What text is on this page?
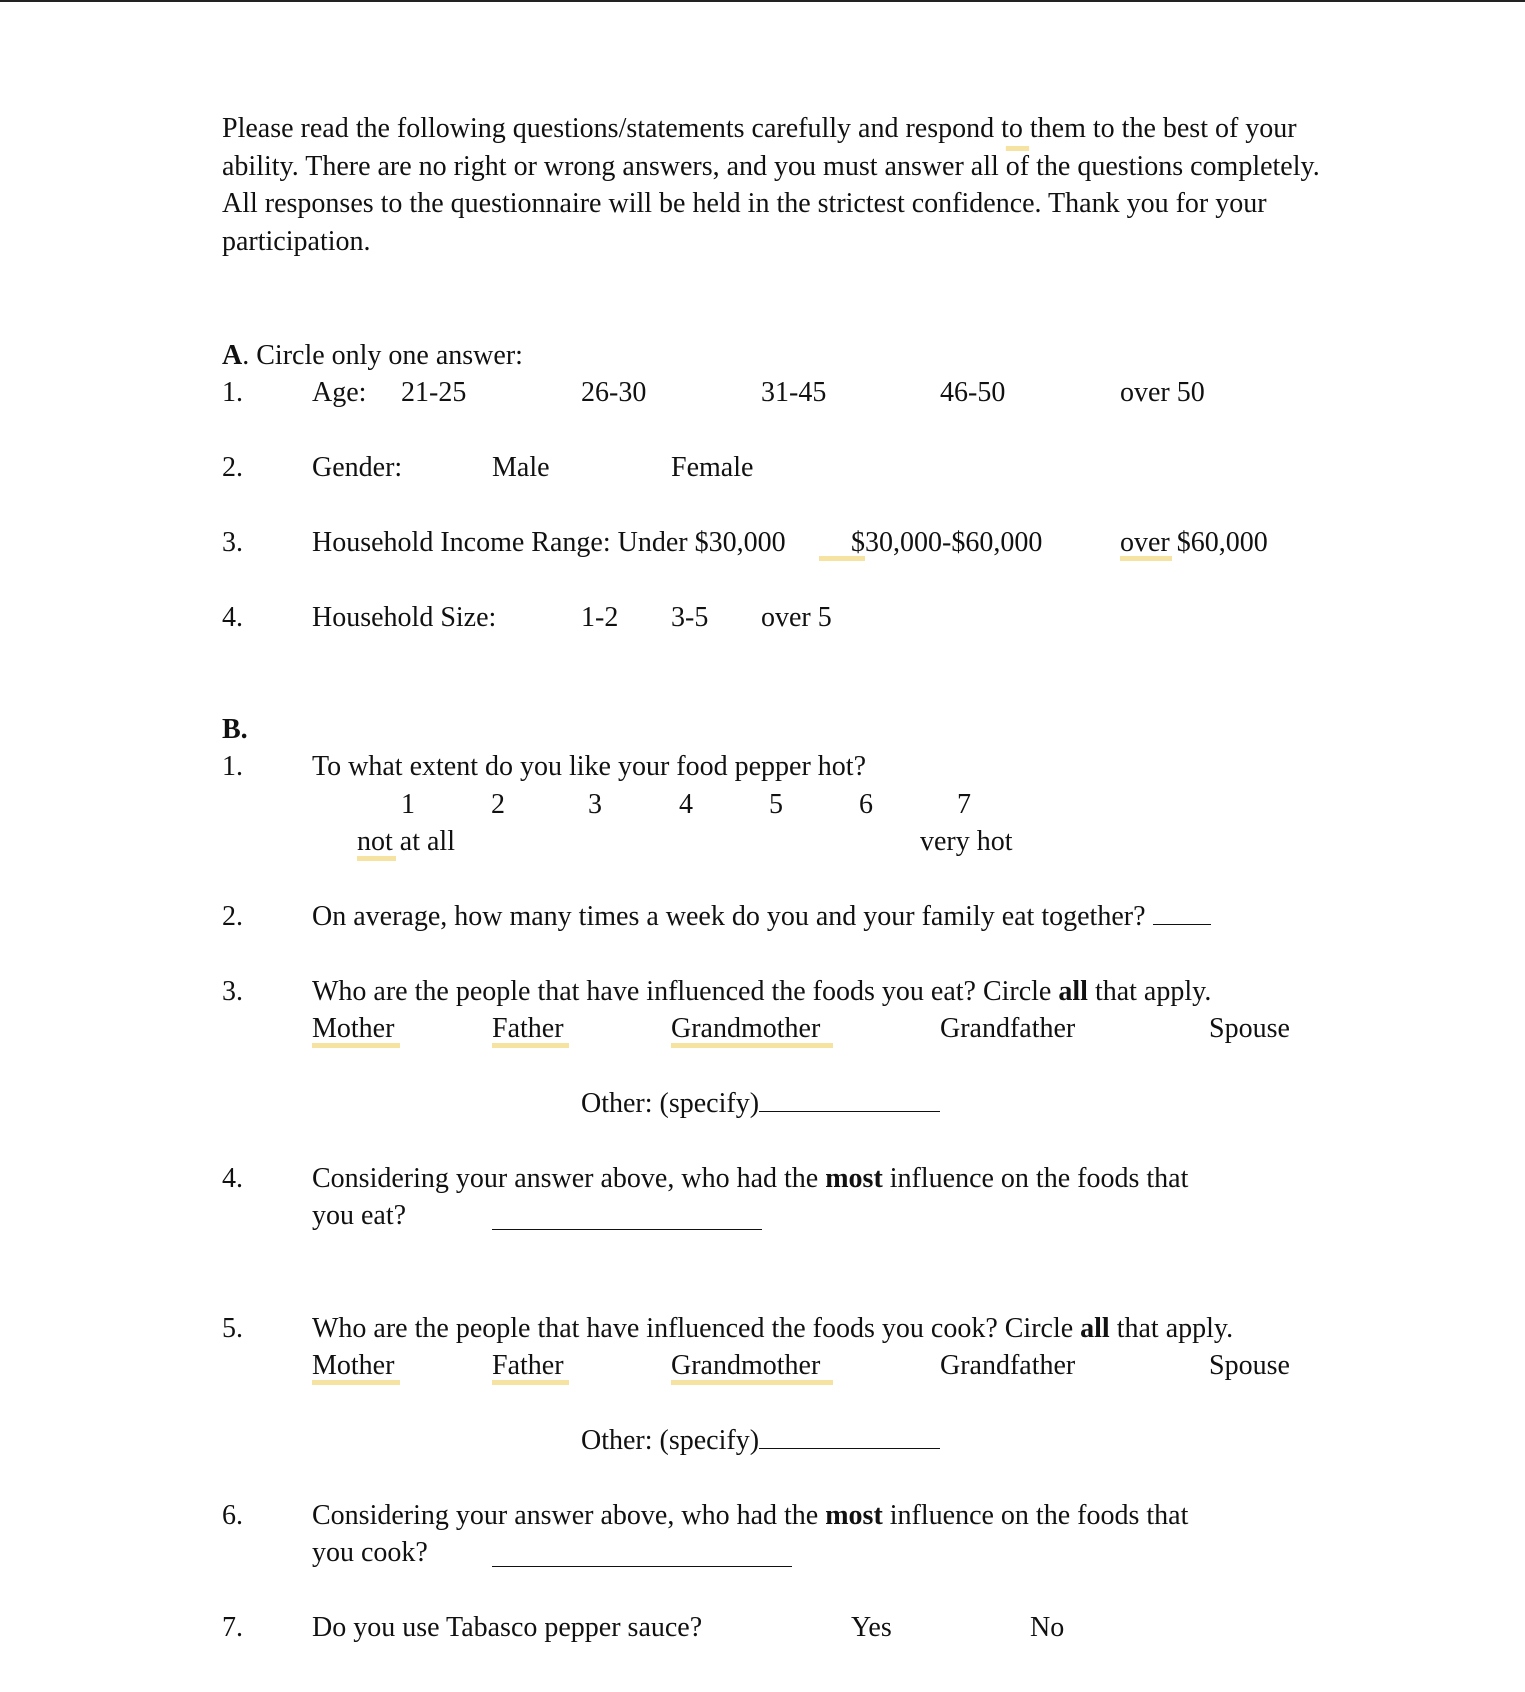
Please read the following questions/statements carefully and respond to them to the best of your ability. There are no right or wrong answers, and you must answer all $\overline{of}$ the questions completely. All responses to the questionnaire will be held in the strictest confidence. Thank you for your participation.
A. Circle only one answer:
1. Age: 21-25	26-30	31-45	46-50	over 50
2. Gender:	Male	Female
3. Household Income Range: Under $30,000 $30,000-$60,000	over $60,000
4. Household Size:	1-2 3-5 over 5
B.
1. To what extent do you like your food pepper hot?
1	2	3	4	5	6	7
not at all	very hot
2. On average, how many times a week do you and your family eat together?
3. Who are the people that have influenced the foods you eat? Circle all that apply.
Mother	Father	Grandmother	Grandfather	Spouse
Other: (specify)
4. Considering your answer above, who had the most influence on the foods that
you eat?
5. Who are the people that have influenced the foods you cook? Circle all that apply.
Mother	Father	Grandmother	Grandfather	Spouse
Other: (specify)
6. Considering your answer above, who had the most influence on the foods that
you cook?
7. Do you use Tabasco pepper sauce?	Yes	No
